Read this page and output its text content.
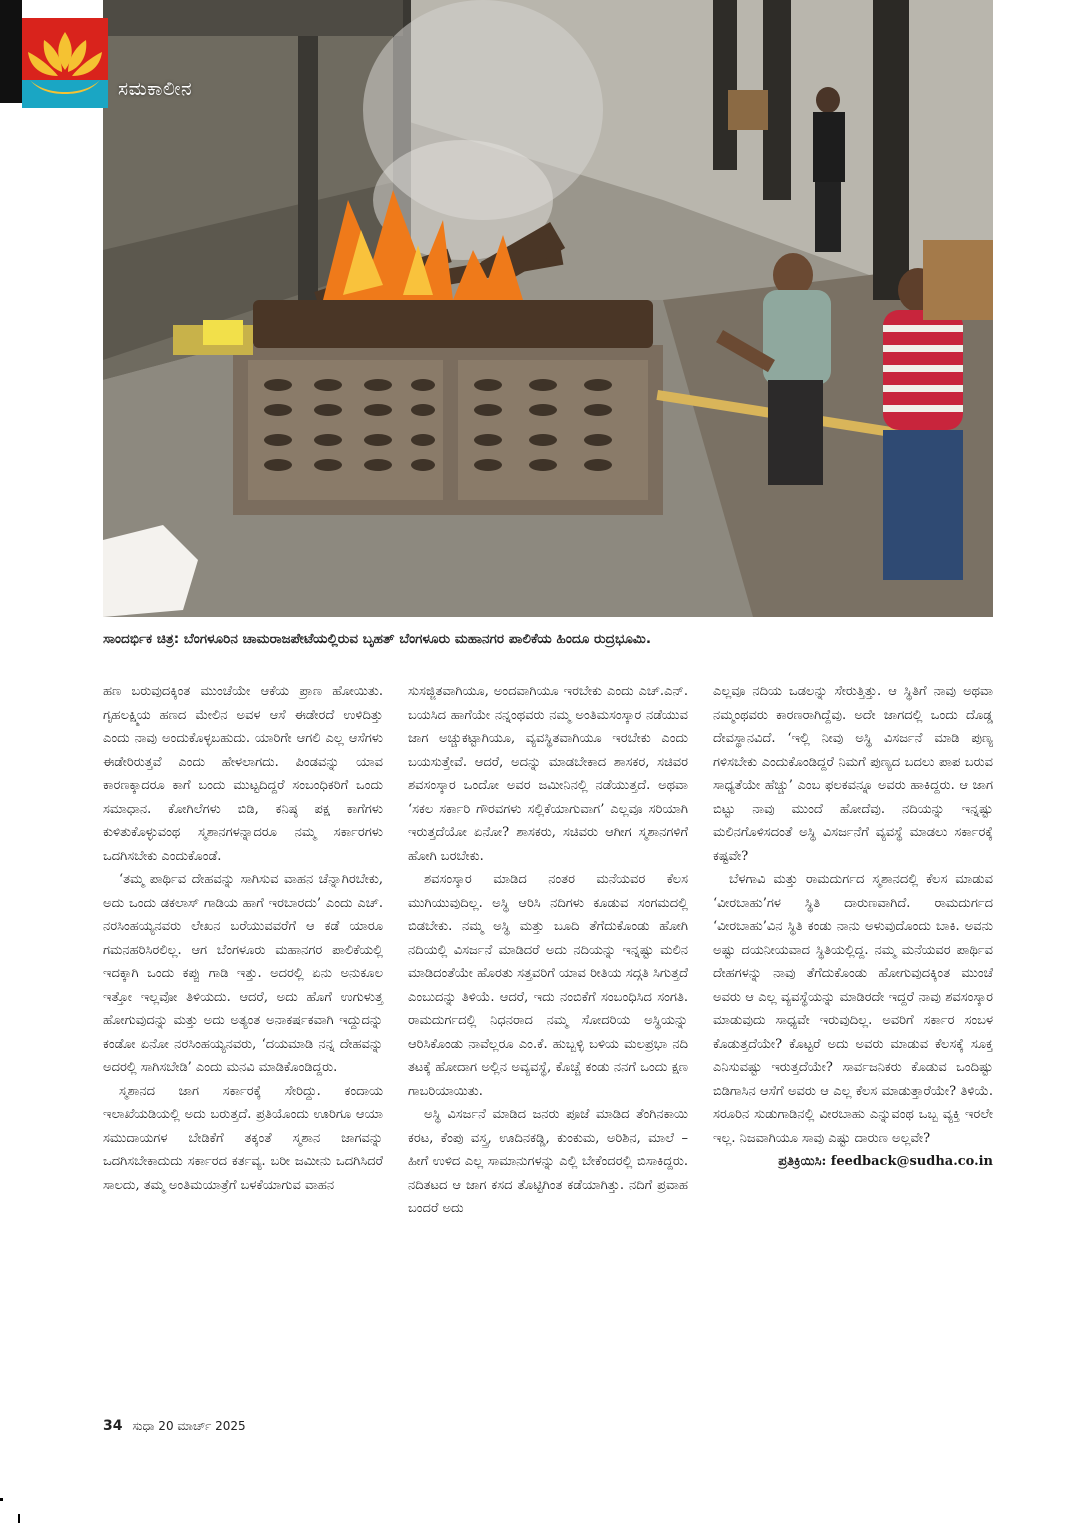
ಸಮಕಾಲೀನ
ಸಾಂದರ್ಭಿಕ ಚಿತ್ರ: ಬೆಂಗಳೂರಿನ ಚಾಮರಾಜಪೇಟೆಯಲ್ಲಿರುವ ಬೃಹತ್ ಬೆಂಗಳೂರು ಮಹಾನಗರ ಪಾಲಿಕೆಯ ಹಿಂದೂ ರುದ್ರಭೂಮಿ.

ಹಣ ಬರುವುದಕ್ಕಿಂತ ಮುಂಚೆಯೇ ಆಕೆಯ ಪ್ರಾಣ ಹೋಯಿತು. ಗೃಹಲಕ್ಷ್ಮಿಯ ಹಣದ ಮೇಲಿನ ಅವಳ ಆಸೆ ಈಡೇರದೆ ಉಳಿದಿತ್ತು ಎಂದು ನಾವು ಅಂದುಕೊಳ್ಳಬಹುದು. ಯಾರಿಗೇ ಆಗಲಿ ಎಲ್ಲ ಆಸೆಗಳು ಈಡೇರಿರುತ್ತವೆ ಎಂದು ಹೇಳಲಾಗದು. ಪಿಂಡವನ್ನು ಯಾವ ಕಾರಣಕ್ಕಾದರೂ ಕಾಗೆ ಬಂದು ಮುಟ್ಟದಿದ್ದರೆ ಸಂಬಂಧಿಕರಿಗೆ ಒಂದು ಸಮಾಧಾನ. ಕೋಗಿಲೆಗಳು ಬಿಡಿ, ಕನಿಷ್ಠ ಪಕ್ಷ ಕಾಗೆಗಳು ಕುಳಿತುಕೊಳ್ಳುವಂಥ ಸ್ಮಶಾನಗಳನ್ನಾದರೂ ನಮ್ಮ ಸರ್ಕಾರಗಳು ಒದಗಿಸಬೇಕು ಎಂದುಕೊಂಡೆ.

‘ತಮ್ಮ ಪಾರ್ಥಿವ ದೇಹವನ್ನು ಸಾಗಿಸುವ ವಾಹನ ಚೆನ್ನಾಗಿರಬೇಕು, ಅದು ಒಂದು ಡಕಲಾಸ್ ಗಾಡಿಯ ಹಾಗೆ ಇರಬಾರದು’ ಎಂದು ಎಚ್. ನರಸಿಂಹಯ್ಯನವರು ಲೇಖನ ಬರೆಯುವವರೆಗೆ ಆ ಕಡೆ ಯಾರೂ ಗಮನಹರಿಸಿರಲಿಲ್ಲ. ಆಗ ಬೆಂಗಳೂರು ಮಹಾನಗರ ಪಾಲಿಕೆಯಲ್ಲಿ ಇದಕ್ಕಾಗಿ ಒಂದು ಕಪ್ಪು ಗಾಡಿ ಇತ್ತು. ಅದರಲ್ಲಿ ಏನು ಅನುಕೂಲ ಇತ್ತೋ ಇಲ್ಲವೋ ತಿಳಿಯದು. ಆದರೆ, ಅದು ಹೊಗೆ ಉಗುಳುತ್ತ ಹೋಗುವುದನ್ನು ಮತ್ತು ಅದು ಅತ್ಯಂತ ಅನಾಕರ್ಷಕವಾಗಿ ಇದ್ದುದನ್ನು ಕಂಡೋ ಏನೋ ನರಸಿಂಹಯ್ಯನವರು, ‘ದಯಮಾಡಿ ನನ್ನ ದೇಹವನ್ನು ಅದರಲ್ಲಿ ಸಾಗಿಸಬೇಡಿ’ ಎಂದು ಮನವಿ ಮಾಡಿಕೊಂಡಿದ್ದರು.

ಸ್ಮಶಾನದ ಜಾಗ ಸರ್ಕಾರಕ್ಕೆ ಸೇರಿದ್ದು. ಕಂದಾಯ ಇಲಾಖೆಯಡಿಯಲ್ಲಿ ಅದು ಬರುತ್ತದೆ. ಪ್ರತಿಯೊಂದು ಊರಿಗೂ ಆಯಾ ಸಮುದಾಯಗಳ ಬೇಡಿಕೆಗೆ ತಕ್ಕಂತೆ ಸ್ಮಶಾನ ಜಾಗವನ್ನು ಒದಗಿಸಬೇಕಾದುದು ಸರ್ಕಾರದ ಕರ್ತವ್ಯ. ಬರೀ ಜಮೀನು ಒದಗಿಸಿದರೆ ಸಾಲದು, ತಮ್ಮ ಅಂತಿಮಯಾತ್ರೆಗೆ ಬಳಕೆಯಾಗುವ ವಾಹನ

ಸುಸಜ್ಜಿತವಾಗಿಯೂ, ಅಂದವಾಗಿಯೂ ಇರಬೇಕು ಎಂದು ಎಚ್.ಎನ್. ಬಯಸಿದ ಹಾಗೆಯೇ ನನ್ನಂಥವರು ನಮ್ಮ ಅಂತಿಮಸಂಸ್ಕಾರ ನಡೆಯುವ ಜಾಗ ಅಚ್ಚುಕಟ್ಟಾಗಿಯೂ, ವ್ಯವಸ್ಥಿತವಾಗಿಯೂ ಇರಬೇಕು ಎಂದು ಬಯಸುತ್ತೇವೆ. ಆದರೆ, ಅದನ್ನು ಮಾಡಬೇಕಾದ ಶಾಸಕರ, ಸಚಿವರ ಶವಸಂಸ್ಕಾರ ಒಂದೋ ಅವರ ಜಮೀನಿನಲ್ಲಿ ನಡೆಯುತ್ತದೆ. ಅಥವಾ ‘ಸಕಲ ಸರ್ಕಾರಿ ಗೌರವಗಳು ಸಲ್ಲಿಕೆಯಾಗುವಾಗ’ ಎಲ್ಲವೂ ಸರಿಯಾಗಿ ಇರುತ್ತದೆಯೋ ಏನೋ? ಶಾಸಕರು, ಸಚಿವರು ಆಗೀಗ ಸ್ಮಶಾನಗಳಿಗೆ ಹೋಗಿ ಬರಬೇಕು.

ಶವಸಂಸ್ಕಾರ ಮಾಡಿದ ನಂತರ ಮನೆಯವರ ಕೆಲಸ ಮುಗಿಯುವುದಿಲ್ಲ. ಅಸ್ಥಿ ಆರಿಸಿ ನದಿಗಳು ಕೂಡುವ ಸಂಗಮದಲ್ಲಿ ಬಿಡಬೇಕು. ನಮ್ಮ ಅಸ್ಥಿ ಮತ್ತು ಬೂದಿ ತೆಗೆದುಕೊಂಡು ಹೋಗಿ ನದಿಯಲ್ಲಿ ವಿಸರ್ಜನೆ ಮಾಡಿದರೆ ಅದು ನದಿಯನ್ನು ಇನ್ನಷ್ಟು ಮಲಿನ ಮಾಡಿದಂತೆಯೇ ಹೊರತು ಸತ್ತವರಿಗೆ ಯಾವ ರೀತಿಯ ಸದ್ಗತಿ ಸಿಗುತ್ತದೆ ಎಂಬುದನ್ನು ತಿಳಿಯೆ. ಆದರೆ, ಇದು ನಂಬಿಕೆಗೆ ಸಂಬಂಧಿಸಿದ ಸಂಗತಿ. ರಾಮದುರ್ಗದಲ್ಲಿ ನಿಧನರಾದ ನಮ್ಮ ಸೋದರಿಯ ಅಸ್ಥಿಯನ್ನು ಆರಿಸಿಕೊಂಡು ನಾವೆಲ್ಲರೂ ಎಂ.ಕೆ. ಹುಬ್ಬಳ್ಳಿ ಬಳಿಯ ಮಲಪ್ರಭಾ ನದಿ ತಟಕ್ಕೆ ಹೋದಾಗ ಅಲ್ಲಿನ ಅವ್ಯವಸ್ಥೆ, ಕೊಚ್ಚೆ ಕಂಡು ನನಗೆ ಒಂದು ಕ್ಷಣ ಗಾಬರಿಯಾಯಿತು.

ಅಸ್ಥಿ ವಿಸರ್ಜನೆ ಮಾಡಿದ ಜನರು ಪೂಜೆ ಮಾಡಿದ ತೆಂಗಿನಕಾಯಿ ಕರಟ, ಕೆಂಪು ವಸ್ತ್ರ, ಊದಿನಕಡ್ಡಿ, ಕುಂಕುಮ, ಅರಿಶಿನ, ಮಾಲೆ – ಹೀಗೆ ಉಳಿದ ಎಲ್ಲ ಸಾಮಾನುಗಳನ್ನು ಎಲ್ಲಿ ಬೇಕೆಂದರಲ್ಲಿ ಬಿಸಾಕಿದ್ದರು. ನದಿತಟದ ಆ ಜಾಗ ಕಸದ ತೊಟ್ಟಿಗಿಂತ ಕಡೆಯಾಗಿತ್ತು. ನದಿಗೆ ಪ್ರವಾಹ ಬಂದರೆ ಅದು

ಎಲ್ಲವೂ ನದಿಯ ಒಡಲನ್ನು ಸೇರುತ್ತಿತ್ತು. ಆ ಸ್ಥಿತಿಗೆ ನಾವು ಅಥವಾ ನಮ್ಮಂಥವರು ಕಾರಣರಾಗಿದ್ದೆವು. ಅದೇ ಜಾಗದಲ್ಲಿ ಒಂದು ದೊಡ್ಡ ದೇವಸ್ಥಾನವಿದೆ. ‘ಇಲ್ಲಿ ನೀವು ಅಸ್ಥಿ ವಿಸರ್ಜನೆ ಮಾಡಿ ಪುಣ್ಯ ಗಳಿಸಬೇಕು ಎಂದುಕೊಂಡಿದ್ದರೆ ನಿಮಗೆ ಪುಣ್ಯದ ಬದಲು ಪಾಪ ಬರುವ ಸಾಧ್ಯತೆಯೇ ಹೆಚ್ಚು’ ಎಂಬ ಫಲಕವನ್ನೂ ಅವರು ಹಾಕಿದ್ದರು. ಆ ಜಾಗ ಬಿಟ್ಟು ನಾವು ಮುಂದೆ ಹೋದೆವು. ನದಿಯನ್ನು ಇನ್ನಷ್ಟು ಮಲಿನಗೊಳಿಸದಂತೆ ಅಸ್ಥಿ ವಿಸರ್ಜನೆಗೆ ವ್ಯವಸ್ಥೆ ಮಾಡಲು ಸರ್ಕಾರಕ್ಕೆ ಕಷ್ಟವೇ?

ಬೆಳಗಾವಿ ಮತ್ತು ರಾಮದುರ್ಗದ ಸ್ಮಶಾನದಲ್ಲಿ ಕೆಲಸ ಮಾಡುವ ‘ವೀರಬಾಹು’ಗಳ ಸ್ಥಿತಿ ದಾರುಣವಾಗಿದೆ. ರಾಮದುರ್ಗದ ‘ವೀರಬಾಹು’ವಿನ ಸ್ಥಿತಿ ಕಂಡು ನಾನು ಅಳುವುದೊಂದು ಬಾಕಿ. ಅವನು ಅಷ್ಟು ದಯನೀಯವಾದ ಸ್ಥಿತಿಯಲ್ಲಿದ್ದ. ನಮ್ಮ ಮನೆಯವರ ಪಾರ್ಥಿವ ದೇಹಗಳನ್ನು ನಾವು ತೆಗೆದುಕೊಂಡು ಹೋಗುವುದಕ್ಕಿಂತ ಮುಂಚೆ ಅವರು ಆ ಎಲ್ಲ ವ್ಯವಸ್ಥೆಯನ್ನು ಮಾಡಿರದೇ ಇದ್ದರೆ ನಾವು ಶವಸಂಸ್ಕಾರ ಮಾಡುವುದು ಸಾಧ್ಯವೇ ಇರುವುದಿಲ್ಲ. ಅವರಿಗೆ ಸರ್ಕಾರ ಸಂಬಳ ಕೊಡುತ್ತದೆಯೇ? ಕೊಟ್ಟರೆ ಅದು ಅವರು ಮಾಡುವ ಕೆಲಸಕ್ಕೆ ಸೂಕ್ತ ಎನಿಸುವಷ್ಟು ಇರುತ್ತದೆಯೇ? ಸಾರ್ವಜನಿಕರು ಕೊಡುವ ಒಂದಿಷ್ಟು ಬಿಡಿಗಾಸಿನ ಆಸೆಗೆ ಅವರು ಆ ಎಲ್ಲ ಕೆಲಸ ಮಾಡುತ್ತಾರೆಯೇ? ತಿಳಿಯೆ. ಸರೂರಿನ ಸುಡುಗಾಡಿನಲ್ಲಿ ವೀರಬಾಹು ಎನ್ನುವಂಥ ಒಬ್ಬ ವ್ಯಕ್ತಿ ಇರಲೇ ಇಲ್ಲ. ನಿಜವಾಗಿಯೂ ಸಾವು ಎಷ್ಟು ದಾರುಣ ಅಲ್ಲವೇ?

ಪ್ರತಿಕ್ರಿಯಿಸಿ: feedback@sudha.co.in

34 ಸುಧಾ 20 ಮಾರ್ಚ್ 2025
